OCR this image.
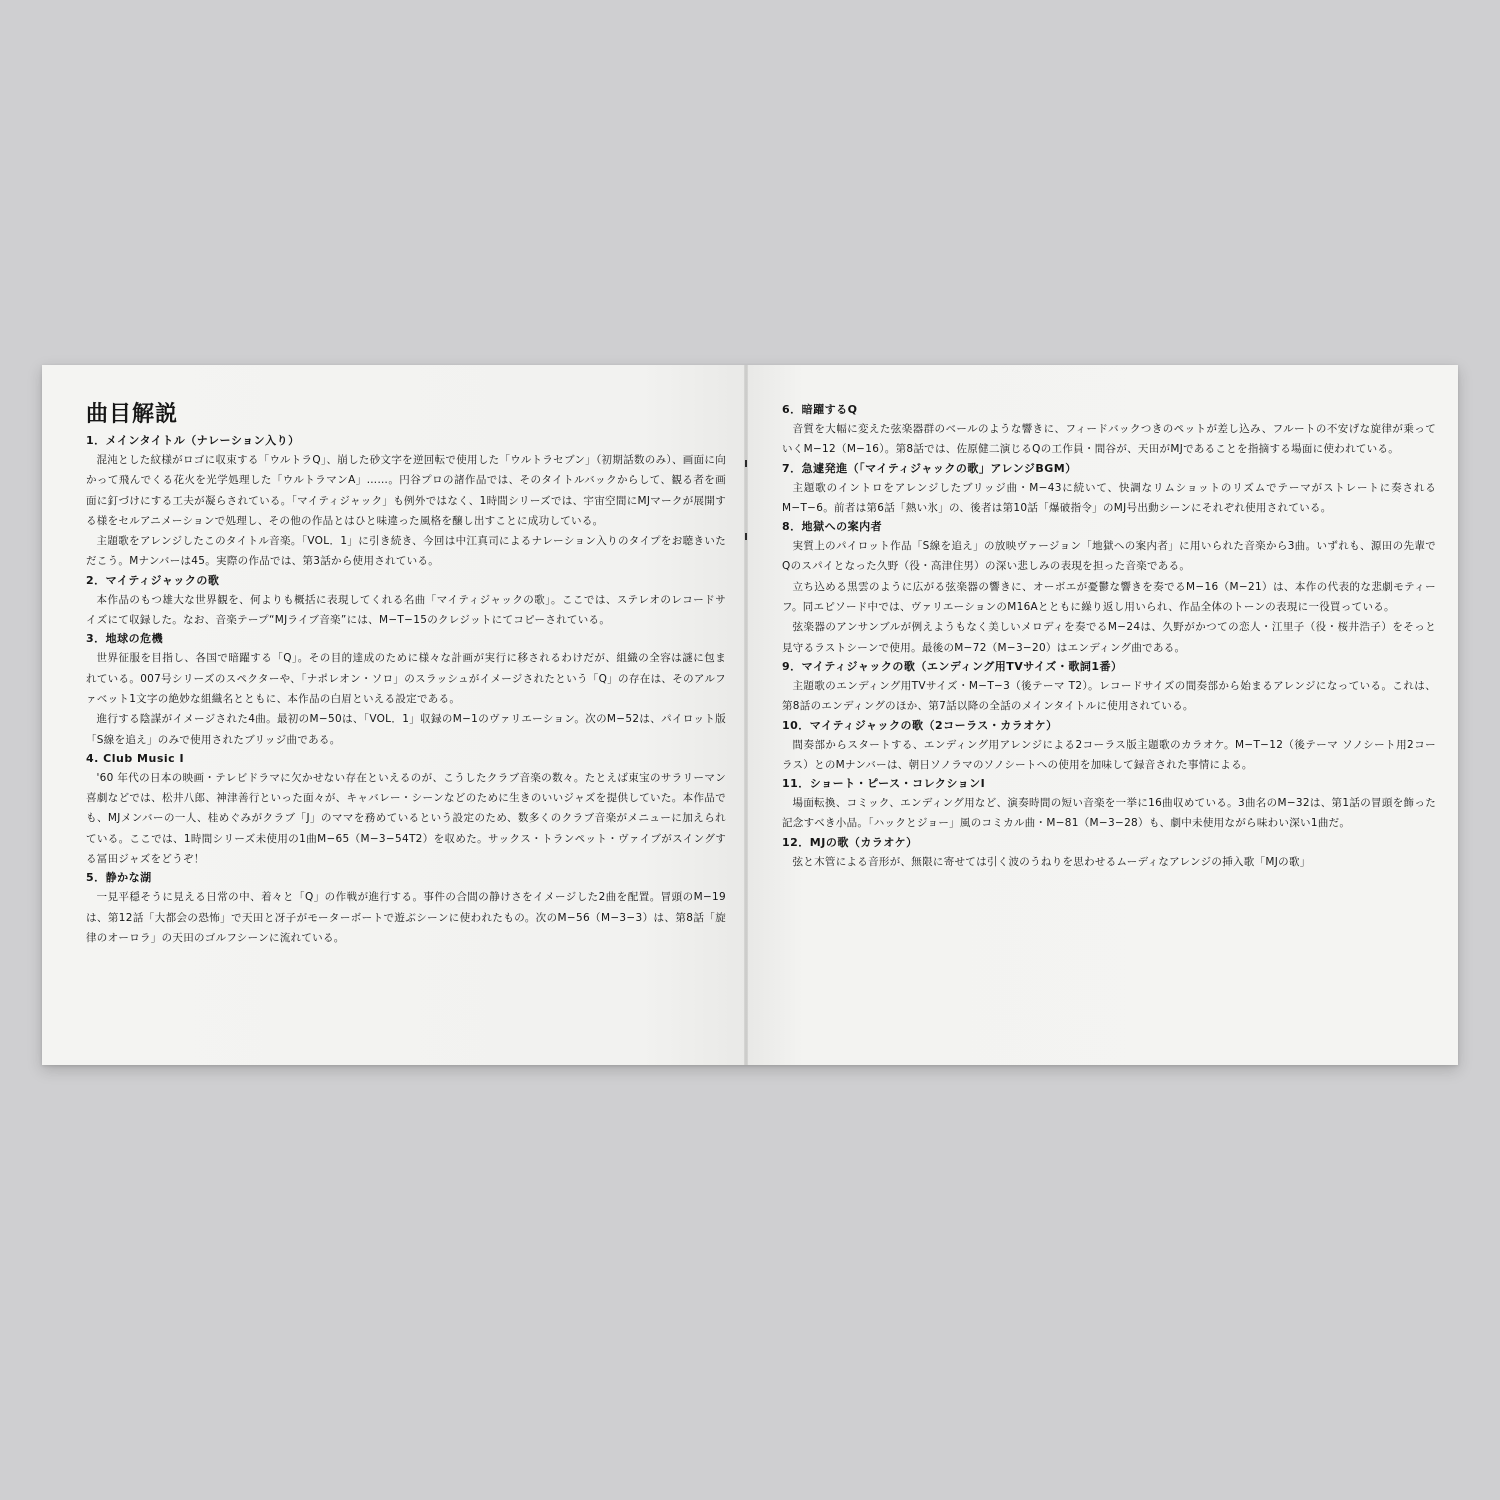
曲目解説
1．メインタイトル（ナレーション入り）

混沌とした紋様がロゴに収束する「ウルトラQ」、崩した砂文字を逆回転で使用した「ウルトラセブン」（初期話数のみ）、画面に向かって飛んでくる花火を光学処理した「ウルトラマンA」……。円谷プロの諸作品では、そのタイトルバックからして、観る者を画面に釘づけにする工夫が凝らされている。「マイティジャック」も例外ではなく、1時間シリーズでは、宇宙空間にMJマークが展開する様をセルアニメーションで処理し、その他の作品とはひと味違った風格を醸し出すことに成功している。

主題歌をアレンジしたこのタイトル音楽。「VOL．1」に引き続き、今回は中江真司によるナレーション入りのタイプをお聴きいただこう。Mナンバーは45。実際の作品では、第3話から使用されている。

2．マイティジャックの歌

本作品のもつ雄大な世界観を、何よりも概括に表現してくれる名曲「マイティジャックの歌」。ここでは、ステレオのレコードサイズにて収録した。なお、音楽テープ“MJライブ音楽”には、M−T−15のクレジットにてコピーされている。

3．地球の危機

世界征服を目指し、各国で暗躍する「Q」。その目的達成のために様々な計画が実行に移されるわけだが、組織の全容は謎に包まれている。007号シリーズのスペクターや、「ナポレオン・ソロ」のスラッシュがイメージされたという「Q」の存在は、そのアルファベット1文字の絶妙な組織名とともに、本作品の白眉といえる設定である。

進行する陰謀がイメージされた4曲。最初のM−50は、「VOL．1」収録のM−1のヴァリエーション。次のM−52は、パイロット版「S線を追え」のみで使用されたブリッジ曲である。

4. Club Music I

'60 年代の日本の映画・テレビドラマに欠かせない存在といえるのが、こうしたクラブ音楽の数々。たとえば東宝のサラリーマン喜劇などでは、松井八郎、神津善行といった面々が、キャバレー・シーンなどのために生きのいいジャズを提供していた。本作品でも、MJメンバーの一人、桂めぐみがクラブ「J」のママを務めているという設定のため、数多くのクラブ音楽がメニューに加えられている。ここでは、1時間シリーズ未使用の1曲M−65（M−3−54T2）を収めた。サックス・トランペット・ヴァイブがスイングする冨田ジャズをどうぞ！

5．静かな湖

一見平穏そうに見える日常の中、着々と「Q」の作戦が進行する。事件の合間の静けさをイメージした2曲を配置。冒頭のM−19は、第12話「大都会の恐怖」で天田と冴子がモーターボートで遊ぶシーンに使われたもの。次のM−56（M−3−3）は、第8話「旋律のオーロラ」の天田のゴルフシーンに流れている。

6．暗躍するQ

音質を大幅に変えた弦楽器群のベールのような響きに、フィードバックつきのペットが差し込み、フルートの不安げな旋律が乗っていくM−12（M−16）。第8話では、佐原健二演じるQの工作員・間谷が、天田がMJであることを指摘する場面に使われている。

7．急遽発進（「マイティジャックの歌」アレンジBGM）

主題歌のイントロをアレンジしたブリッジ曲・M−43に続いて、快調なリムショットのリズムでテーマがストレートに奏されるM−T−6。前者は第6話「熱い氷」の、後者は第10話「爆破指令」のMJ号出動シーンにそれぞれ使用されている。

8．地獄への案内者

実質上のパイロット作品「S線を追え」の放映ヴァージョン「地獄への案内者」に用いられた音楽から3曲。いずれも、源田の先輩でQのスパイとなった久野（役・高津住男）の深い悲しみの表現を担った音楽である。

立ち込める黒雲のように広がる弦楽器の響きに、オーボエが憂鬱な響きを奏でるM−16（M−21）は、本作の代表的な悲劇モティーフ。同エピソード中では、ヴァリエーションのM16Aとともに繰り返し用いられ、作品全体のトーンの表現に一役買っている。

弦楽器のアンサンブルが例えようもなく美しいメロディを奏でるM−24は、久野がかつての恋人・江里子（役・桜井浩子）をそっと見守るラストシーンで使用。最後のM−72（M−3−20）はエンディング曲である。

9．マイティジャックの歌（エンディング用TVサイズ・歌詞1番）

主題歌のエンディング用TVサイズ・M−T−3（後テーマ T2）。レコードサイズの間奏部から始まるアレンジになっている。これは、第8話のエンディングのほか、第7話以降の全話のメインタイトルに使用されている。

10．マイティジャックの歌（2コーラス・カラオケ）

間奏部からスタートする、エンディング用アレンジによる2コーラス版主題歌のカラオケ。M−T−12（後テーマ ソノシート用2コーラス）とのMナンバーは、朝日ソノラマのソノシートへの使用を加味して録音された事情による。

11．ショート・ピース・コレクションⅠ

場面転換、コミック、エンディング用など、演奏時間の短い音楽を一挙に16曲収めている。3曲名のM−32は、第1話の冒頭を飾った記念すべき小品。「ハックとジョー」風のコミカル曲・M−81（M−3−28）も、劇中未使用ながら味わい深い1曲だ。

12．MJの歌（カラオケ）

弦と木管による音形が、無限に寄せては引く波のうねりを思わせるムーディなアレンジの挿入歌「MJの歌」
